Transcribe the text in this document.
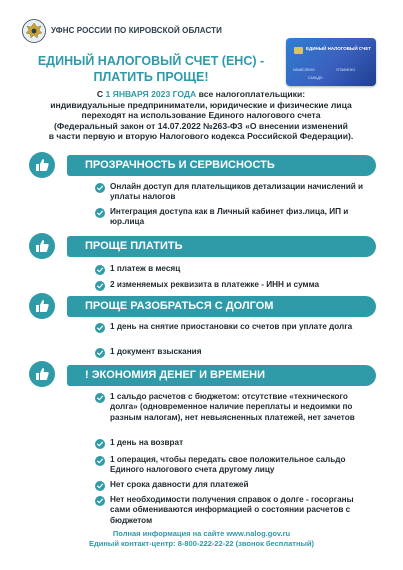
УФНС РОССИИ ПО КИРОВСКОЙ ОБЛАСТИ
ЕДИНЫЙ НАЛОГОВЫЙ СЧЕТ (ЕНС) -
ПЛАТИТЬ ПРОЩЕ!
ЕДИНЫЙ НАЛОГОВЫЙ СЧЕТ
НАЧИСЛЕНО	УПЛАЧЕНО
САЛЬДО
С 1 ЯНВАРЯ 2023 ГОДА все налогоплательщики:
индивидуальные предприниматели, юридические и физические лица
переходят на использование Единого налогового счета
(Федеральный закон от 14.07.2022 №263-ФЗ «О внесении изменений
в части первую и вторую Налогового кодекса Российской Федерации).
ПРОЗРАЧНОСТЬ И СЕРВИСНОСТЬ
Онлайн доступ для плательщиков детализации начислений и уплаты налогов
Интеграция доступа как в Личный кабинет физ.лица, ИП и юр.лица
ПРОЩЕ ПЛАТИТЬ
1 платеж в месяц
2 изменяемых реквизита в платежке - ИНН и сумма
ПРОЩЕ РАЗОБРАТЬСЯ С ДОЛГОМ
1 день на снятие приостановки со счетов при уплате долга
1 документ взыскания
! ЭКОНОМИЯ ДЕНЕГ И ВРЕМЕНИ
1 сальдо расчетов с бюджетом: отсутствие «технического долга» (одновременное наличие переплаты и недоимки по разным налогам), нет невыясненных платежей, нет зачетов
1 день на возврат
1 операция, чтобы передать свое положительное сальдо Единого налогового счета другому лицу
Нет срока давности для платежей
Нет необходимости получения справок о долге - госорганы сами обмениваются информацией о состоянии расчетов с бюджетом
Полная информация на сайте www.nalog.gov.ru
Единый контакт-центр: 8-800-222-22-22 (звонок бесплатный)
